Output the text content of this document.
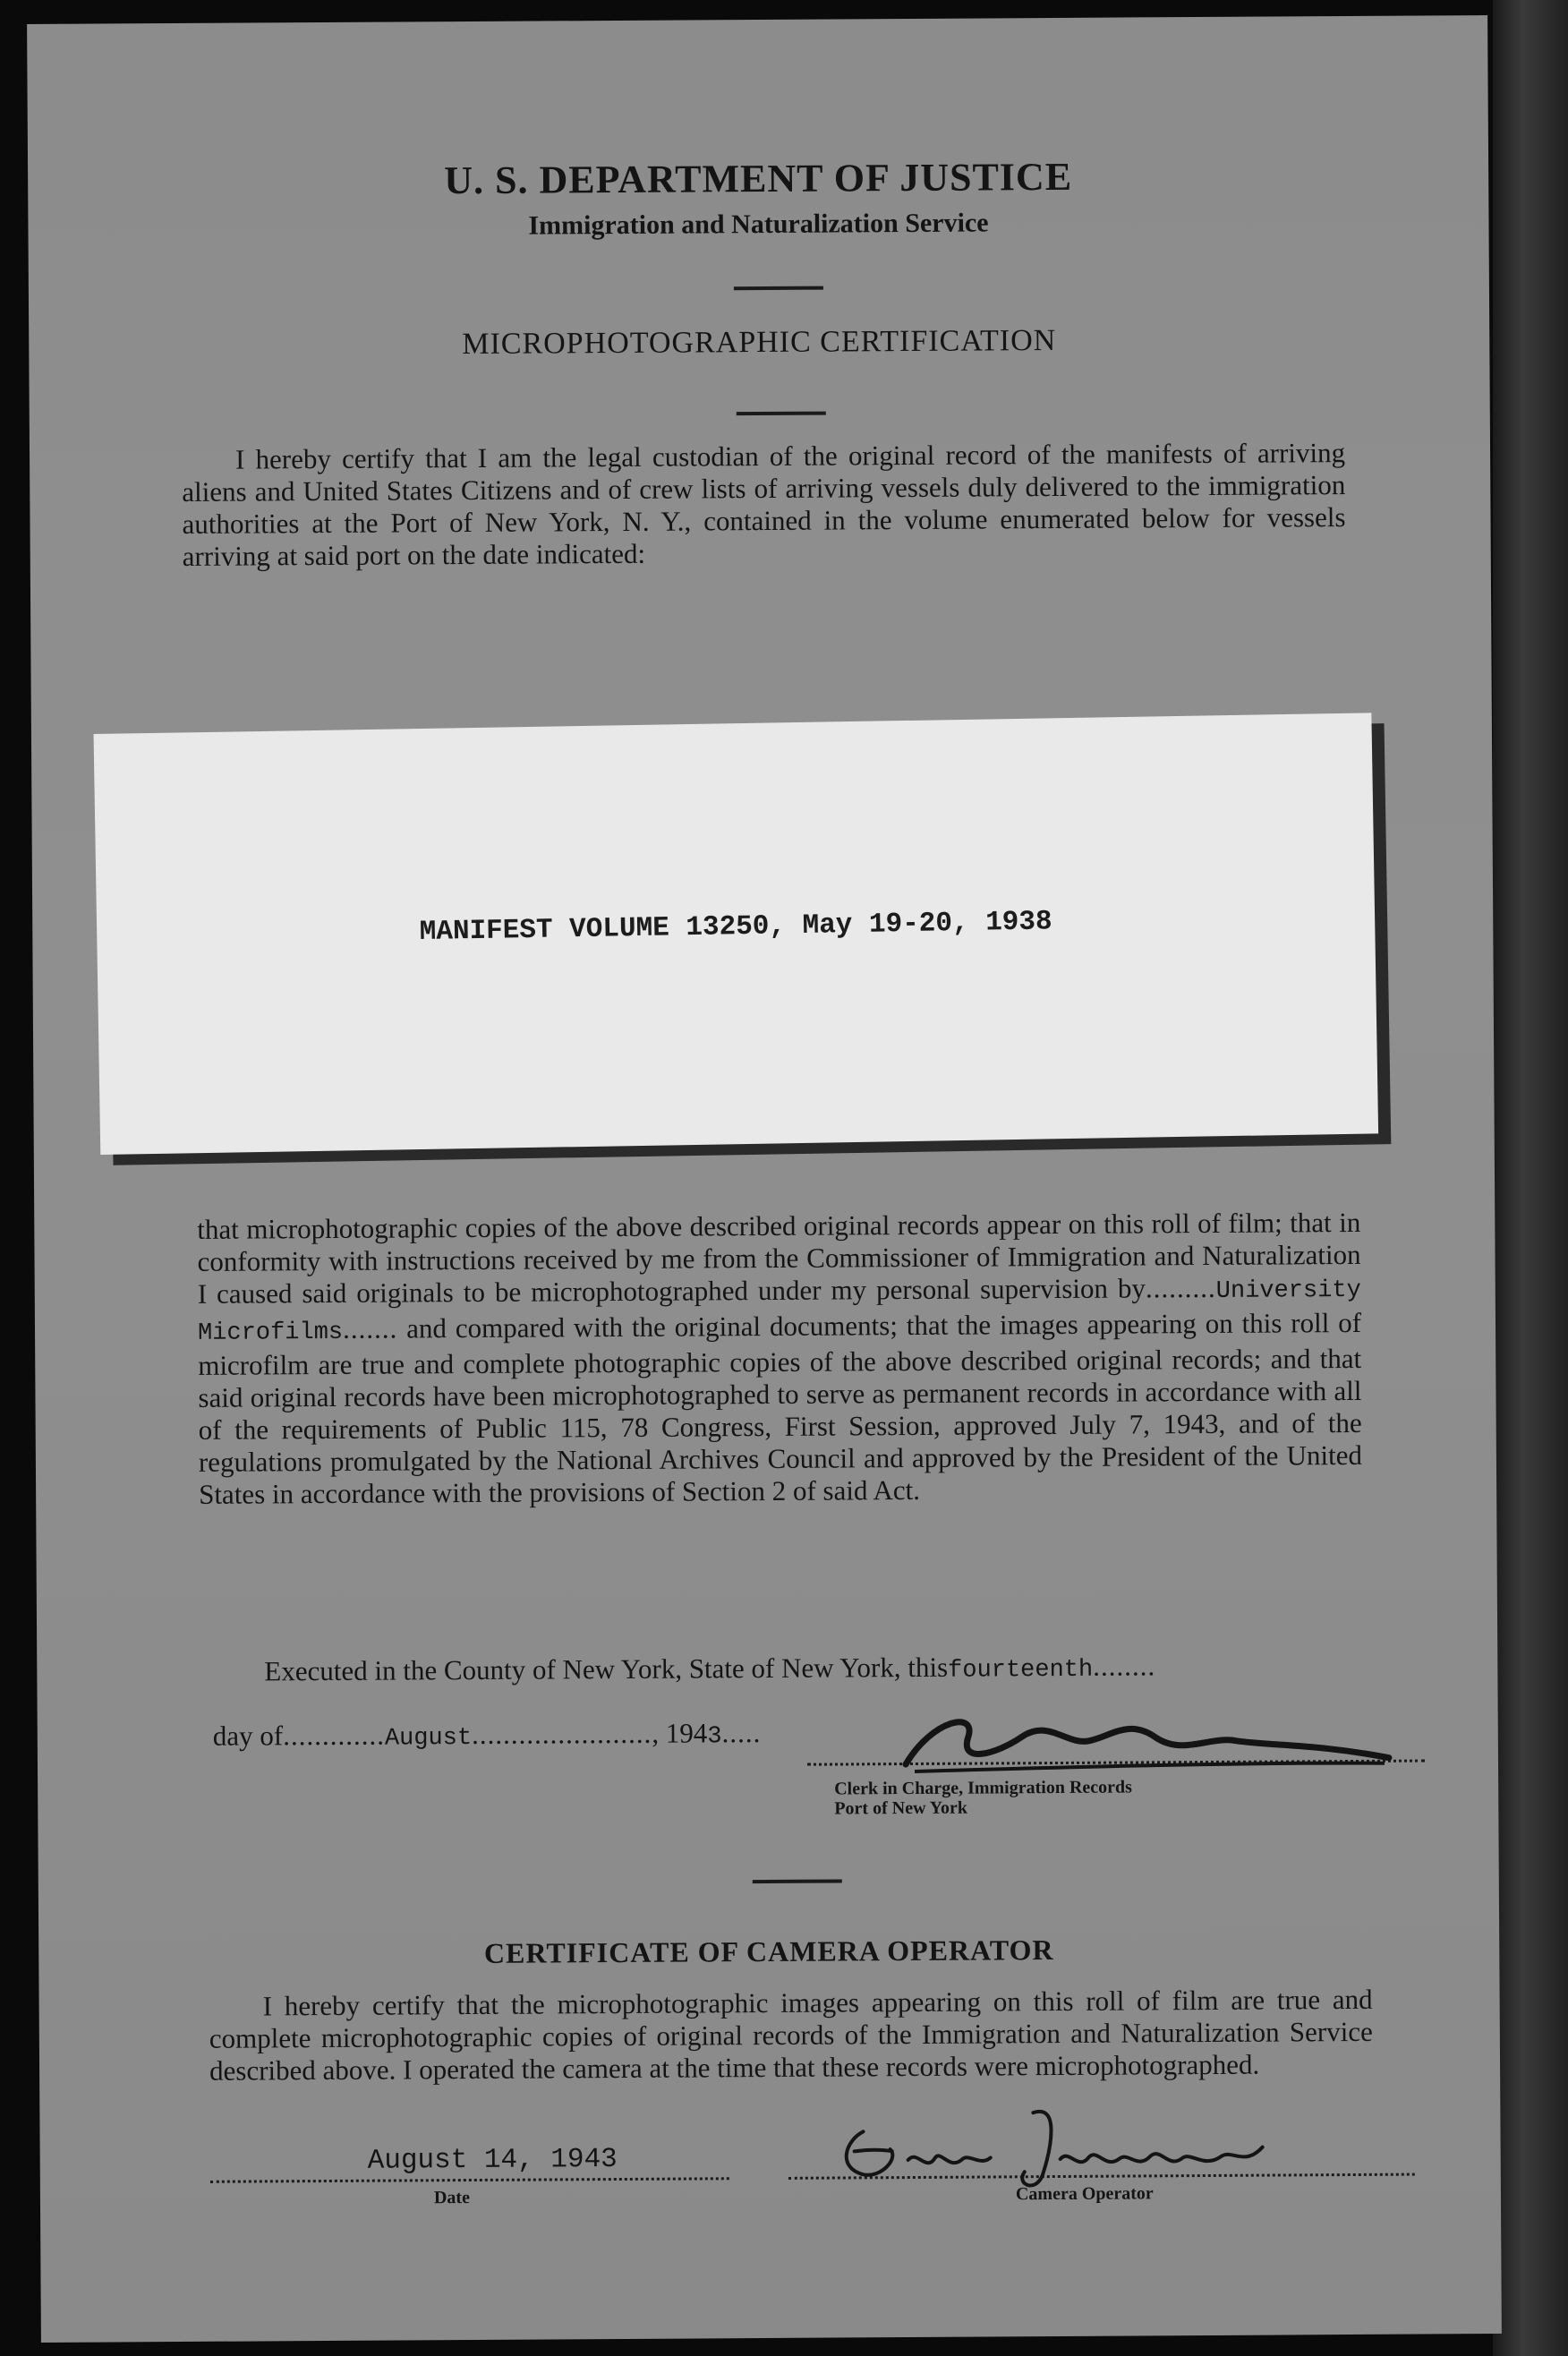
U. S. DEPARTMENT OF JUSTICE
Immigration and Naturalization Service
MICROPHOTOGRAPHIC CERTIFICATION
I hereby certify that I am the legal custodian of the original record of the manifests of arriving aliens and United States Citizens and of crew lists of arriving vessels duly delivered to the immigration authorities at the Port of New York, N. Y., contained in the volume enumerated below for vessels arriving at said port on the date indicated:
MANIFEST VOLUME 13250, May 19-20, 1938
that microphotographic copies of the above described original records appear on this roll of film; that in conformity with instructions received by me from the Commissioner of Immigration and Naturalization I caused said originals to be microphotographed under my personal supervision by.........University Microfilms....... and compared with the original documents; that the images appearing on this roll of microfilm are true and complete photographic copies of the above described original records; and that said original records have been microphotographed to serve as permanent records in accordance with all of the requirements of Public 115, 78 Congress, First Session, approved July 7, 1943, and of the regulations promulgated by the National Archives Council and approved by the President of the United States in accordance with the provisions of Section 2 of said Act.
Executed in the County of New York, State of New York, thisfourteenth........
day of.............August......................., 1943.....
Clerk in Charge, Immigration Records
Port of New York
CERTIFICATE OF CAMERA OPERATOR
I hereby certify that the microphotographic images appearing on this roll of film are true and complete microphotographic copies of original records of the Immigration and Naturalization Service described above. I operated the camera at the time that these records were microphotographed.
August 14, 1943
Date	Camera Operator
